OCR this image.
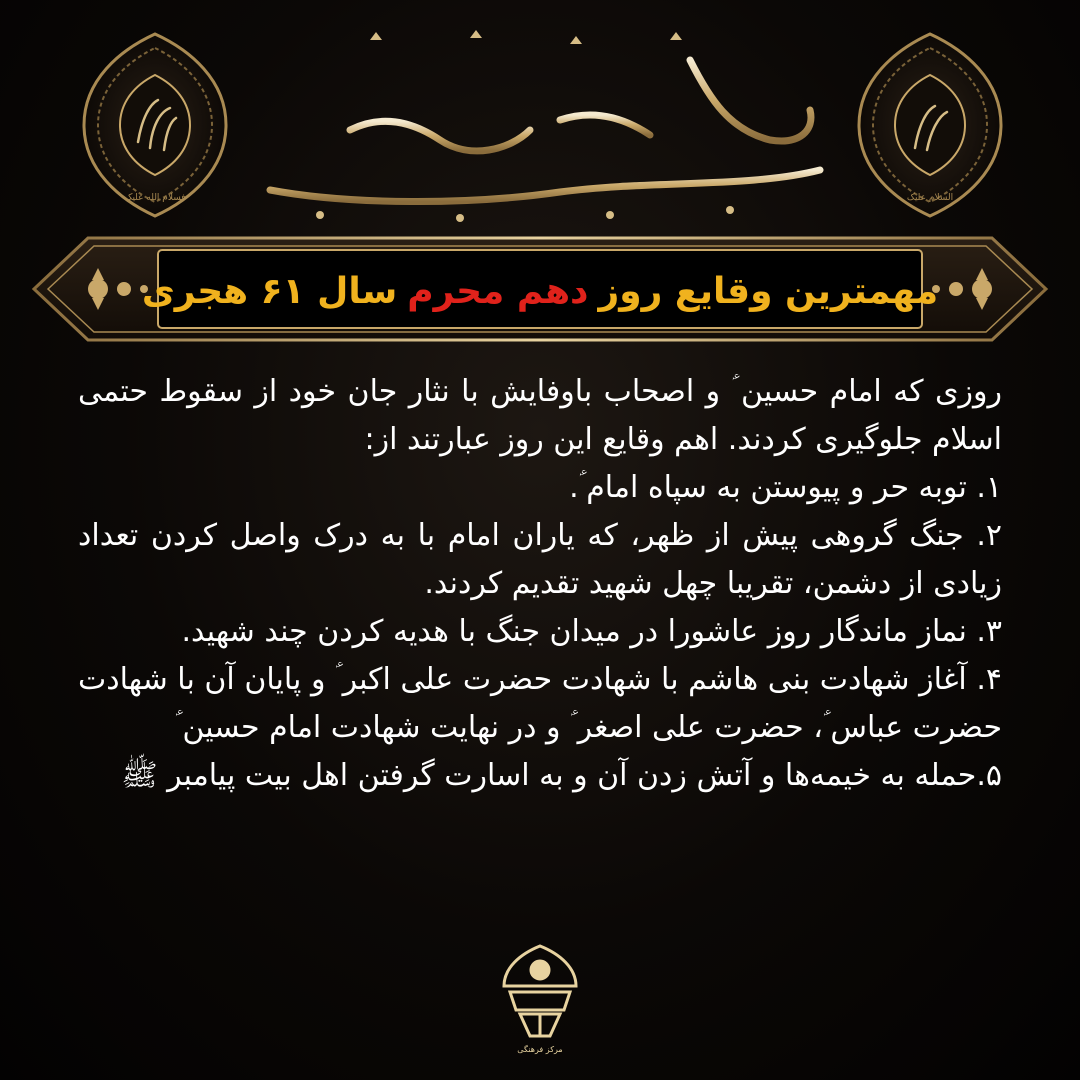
فسلام الله علیک
حب الحسین هویتنا
السلام علیک
مهمترین وقایع روز
دهم محرم
سال ۶۱ هجری

روزی که امام حسین ؑ و اصحاب باوفایش با نثار جان خود از سقوط حتمی اسلام جلوگیری کردند. اهم وقایع این روز عبارتند از:

۱. توبه حر و پیوستن به سپاه امام ؑ.

۲. جنگ گروهی پیش از ظهر، که یاران امام با به درک واصل کردن تعداد زیادی از دشمن، تقریبا چهل شهید تقدیم کردند.

۳. نماز ماندگار روز عاشورا در میدان جنگ با هدیه کردن چند شهید.

۴. آغاز شهادت بنی هاشم با شهادت حضرت علی اکبر ؑ و پایان آن با شهادت حضرت عباس ؑ، حضرت علی اصغر ؑ و در نهایت شهادت امام حسین ؑ

۵.حمله به خیمه‌ها و آتش زدن آن و به اسارت گرفتن اهل بیت پیامبر ﷺ

مرکز فرهنگی
